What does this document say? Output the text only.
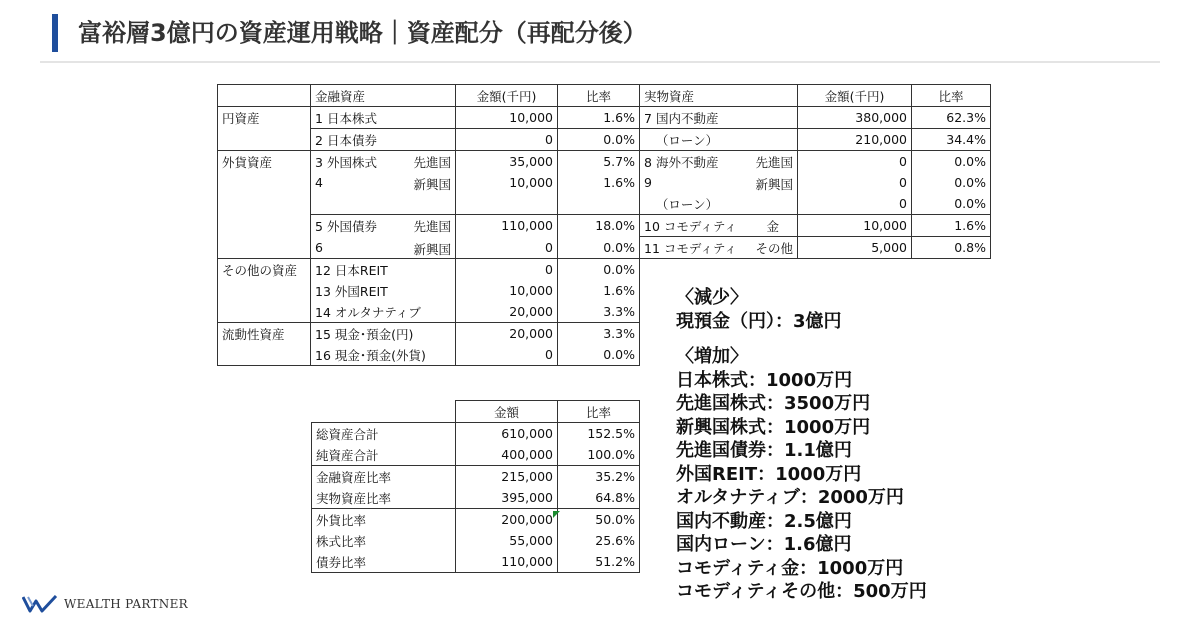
富裕層3億円の資産運用戦略｜資産配分（再配分後）
	金融資産	金額(千円)	比率	実物資産	金額(千円)	比率
円資産	1 日本株式	10,000	1.6%	7 国内不動産	380,000	62.3%
	2 日本債券	0	0.0%	（ローン）	210,000	34.4%
外貨資産	3 外国株式 先進国	35,000	5.7%	8 海外不動産 先進国	0	0.0%
	4 新興国	10,000	1.6%	9 新興国	0	0.0%
				（ローン）	0	0.0%
	5 外国債券 先進国	110,000	18.0%	10 コモディティ 金	10,000	1.6%
	6 新興国	0	0.0%	11 コモディティ その他	5,000	0.8%
その他の資産	12 日本REIT	0	0.0%			
	13 外国REIT	10,000	1.6%			
	14 オルタナティブ	20,000	3.3%			
流動性資産	15 現金･預金(円)	20,000	3.3%			
	16 現金･預金(外貨)	0	0.0%			
	金額	比率
総資産合計	610,000	152.5%
純資産合計	400,000	100.0%
金融資産比率	215,000	35.2%
実物資産比率	395,000	64.8%
外貨比率	200,000	50.0%
株式比率	55,000	25.6%
債券比率	110,000	51.2%
〈減少〉
現預金（円）：3億円
〈増加〉
日本株式：1000万円
先進国株式：3500万円
新興国株式：1000万円
先進国債券：1.1億円
外国REIT：1000万円
オルタナティブ：2000万円
国内不動産：2.5億円
国内ローン：1.6億円
コモディティ金：1000万円
コモディティその他：500万円
WEALTH PARTNER
